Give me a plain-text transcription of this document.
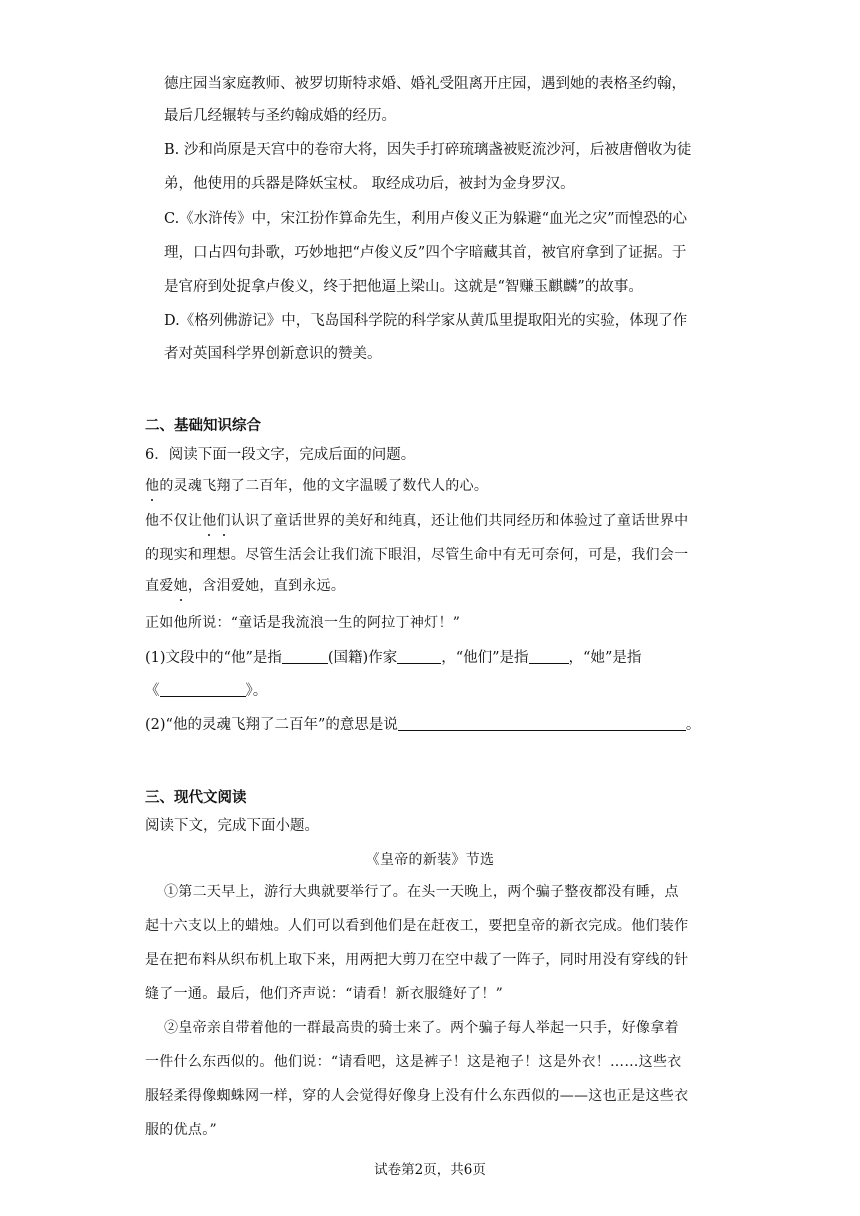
德庄园当家庭教师、被罗切斯特求婚、婚礼受阻离开庄园，遇到她的表格圣约翰，
最后几经辗转与圣约翰成婚的经历。
B. 沙和尚原是天宫中的卷帘大将，因失手打碎琉璃盏被贬流沙河，后被唐僧收为徒
弟，他使用的兵器是降妖宝杖。 取经成功后，被封为金身罗汉。
C.《水浒传》中，宋江扮作算命先生，利用卢俊义正为躲避“血光之灾”而惶恐的心
理，口占四句卦歌，巧妙地把“卢俊义反”四个字暗藏其首，被官府拿到了证据。于
是官府到处捉拿卢俊义，终于把他逼上梁山。这就是“智赚玉麒麟”的故事。
D.《格列佛游记》中，飞岛国科学院的科学家从黄瓜里提取阳光的实验，体现了作
者对英国科学界创新意识的赞美。
二、基础知识综合
6．阅读下面一段文字，完成后面的问题。
他的灵魂飞翔了二百年，他的文字温暖了数代人的心。
他不仅让他们认识了童话世界的美好和纯真，还让他们共同经历和体验过了童话世界中
的现实和理想。尽管生活会让我们流下眼泪，尽管生命中有无可奈何，可是，我们会一
直爱她，含泪爱她，直到永远。
正如他所说：“童话是我流浪一生的阿拉丁神灯！”
(1)文段中的“他”是指	(国籍)作家	，“他们”是指	，“她”是指
《	》。
(2)“他的灵魂飞翔了二百年”的意思是说	。
三、现代文阅读
阅读下文，完成下面小题。
《皇帝的新装》节选
①第二天早上，游行大典就要举行了。在头一天晚上，两个骗子整夜都没有睡，点
起十六支以上的蜡烛。人们可以看到他们是在赶夜工，要把皇帝的新衣完成。他们装作
是在把布料从织布机上取下来，用两把大剪刀在空中裁了一阵子，同时用没有穿线的针
缝了一通。最后，他们齐声说：“请看！新衣服缝好了！”
②皇帝亲自带着他的一群最高贵的骑士来了。两个骗子每人举起一只手，好像拿着
一件什么东西似的。他们说：“请看吧，这是裤子！这是袍子！这是外衣！……这些衣
服轻柔得像蜘蛛网一样，穿的人会觉得好像身上没有什么东西似的——这也正是这些衣
服的优点。”
试卷第2页，共6页
